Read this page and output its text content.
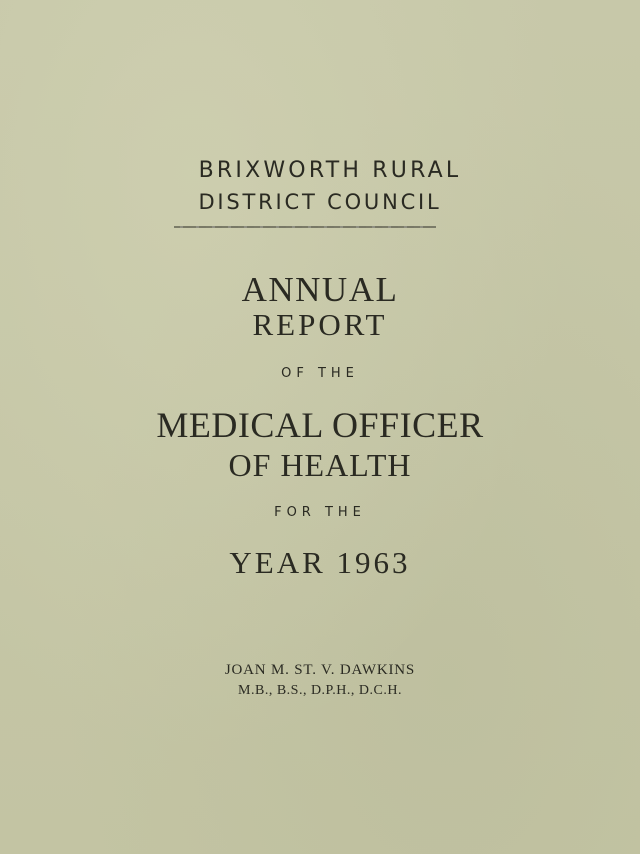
BRIXWORTH RURAL
DISTRICT COUNCIL
ANNUAL
REPORT
OF THE
MEDICAL OFFICER
OF HEALTH
FOR THE
YEAR 1963
JOAN M. ST. V. DAWKINS
M.B., B.S., D.P.H., D.C.H.
